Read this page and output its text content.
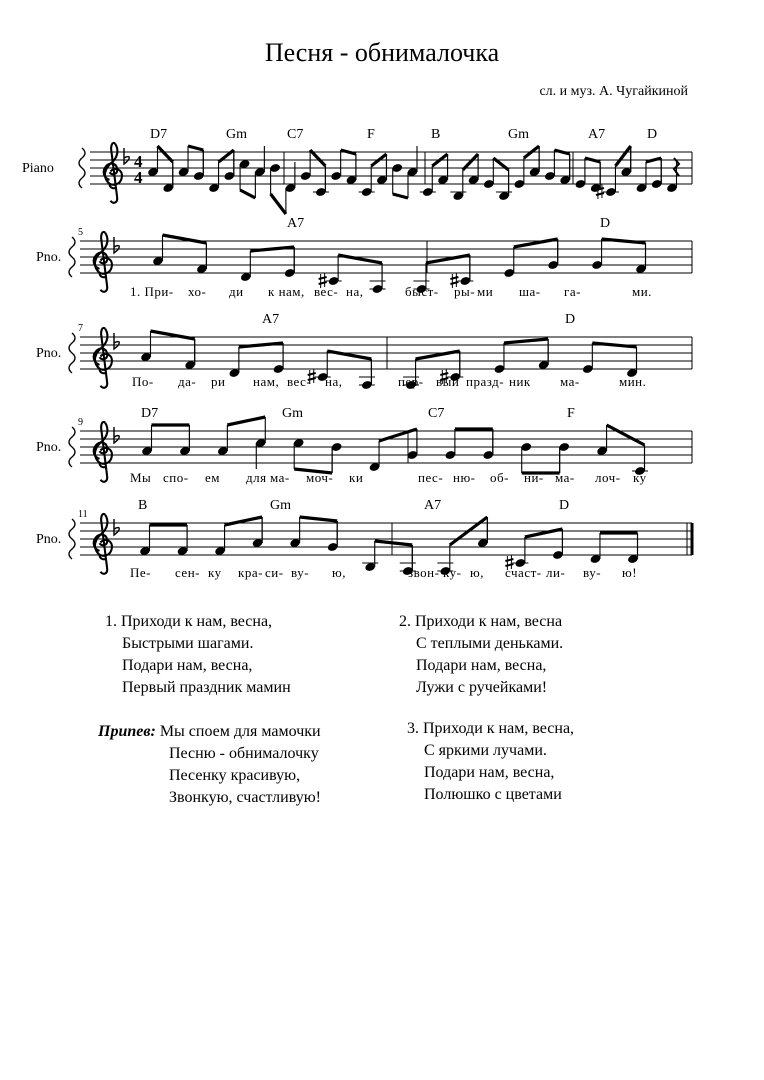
Песня - обнималочка
сл. и муз. А. Чугайкиной
Piano	4
4
D7	Gm	C7	F	B	Gm	A7	D
Pno.
5
A7	D
1. При- хо- ди к нам, вес- на,	быст- ры- ми ша- га-	ми.
Pno.
7
A7	D
По- да- ри нам, вес- на,	пер- вый празд- ник ма-	мин.
Pno.
9
D7	Gm	C7	F
Мы спо- ем для ма- моч- ки	пес- ню- об- ни- ма- лоч- ку
Pno.
11
B	Gm	A7	D
Пе- сен- ку кра- си- ву- ю,	звон- ку- ю, счаст- ли- ву- ю!
1. Приходи к нам, весна,
Быстрыми шагами.
Подари нам, весна,
Первый праздник мамин
2. Приходи к нам, весна
С теплыми деньками.
Подари нам, весна,
Лужи с ручейками!
Припев: Мы споем для мамочки
Песню - обнималочку
Песенку красивую,
Звонкую, счастливую!
3. Приходи к нам, весна,
С яркими лучами.
Подари нам, весна,
Полюшко с цветами
